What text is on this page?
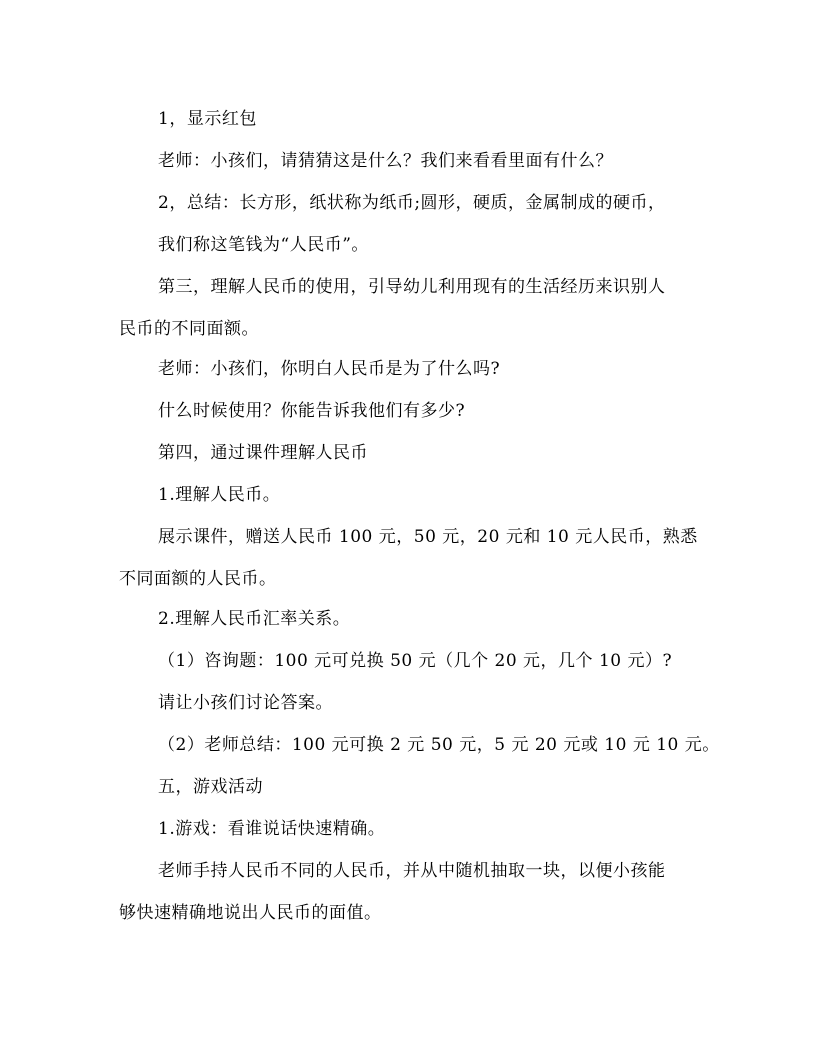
1，显示红包
老师：小孩们，请猜猜这是什么？我们来看看里面有什么？
2，总结：长方形，纸状称为纸币;圆形，硬质，金属制成的硬币，
我们称这笔钱为“人民币”。
第三，理解人民币的使用，引导幼儿利用现有的生活经历来识别人
民币的不同面额。
老师：小孩们，你明白人民币是为了什么吗?
什么时候使用？你能告诉我他们有多少?
第四，通过课件理解人民币
1.理解人民币。
展示课件，赠送人民币 100 元，50 元，20 元和 10 元人民币，熟悉
不同面额的人民币。
2.理解人民币汇率关系。
（1）咨询题：100 元可兑换 50 元（几个 20 元，几个 10 元）?
请让小孩们讨论答案。
（2）老师总结：100 元可换 2 元 50 元，5 元 20 元或 10 元 10 元。
五，游戏活动
1.游戏：看谁说话快速精确。
老师手持人民币不同的人民币，并从中随机抽取一块，以便小孩能
够快速精确地说出人民币的面值。
